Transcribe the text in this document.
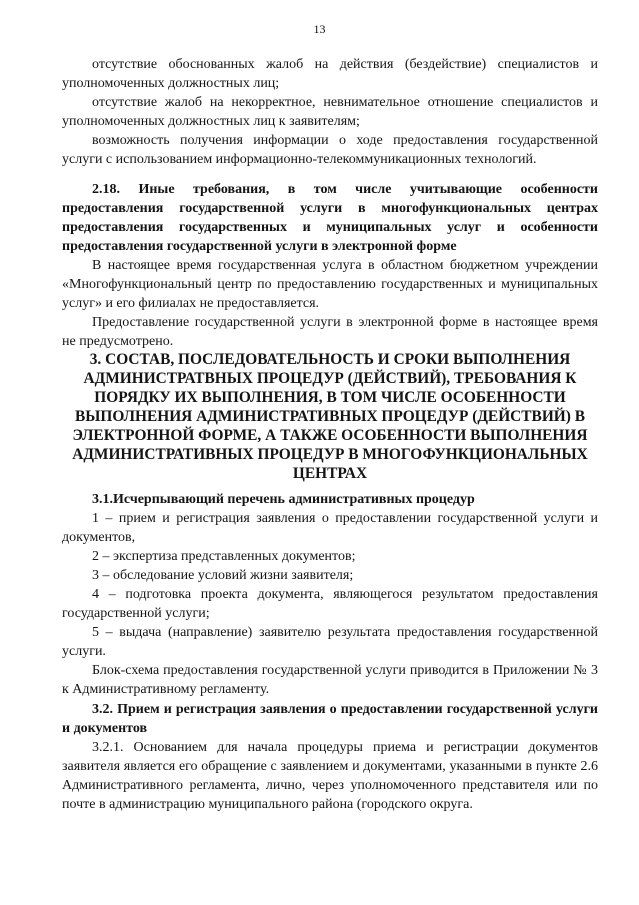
13

отсутствие обоснованных жалоб на действия (бездействие) специалистов и уполномоченных должностных лиц;

отсутствие жалоб на некорректное, невнимательное отношение специалистов и уполномоченных должностных лиц к заявителям;

возможность получения информации о ходе предоставления государственной услуги с использованием информационно-телекоммуникационных технологий.

2.18. Иные требования, в том числе учитывающие особенности предоставления государственной услуги в многофункциональных центрах предоставления государственных и муниципальных услуг и особенности предоставления государственной услуги в электронной форме

В настоящее время государственная услуга в областном бюджетном учреждении «Многофункциональный центр по предоставлению государственных и муниципальных услуг» и его филиалах не предоставляется.

Предоставление государственной услуги в электронной форме в настоящее время не предусмотрено.

3. СОСТАВ, ПОСЛЕДОВАТЕЛЬНОСТЬ И СРОКИ ВЫПОЛНЕНИЯ
АДМИНИСТРАТВНЫХ ПРОЦЕДУР (ДЕЙСТВИЙ), ТРЕБОВАНИЯ К
ПОРЯДКУ ИХ ВЫПОЛНЕНИЯ, В ТОМ ЧИСЛЕ ОСОБЕННОСТИ
ВЫПОЛНЕНИЯ АДМИНИСТРАТИВНЫХ ПРОЦЕДУР (ДЕЙСТВИЙ) В
ЭЛЕКТРОННОЙ ФОРМЕ, А ТАКЖЕ ОСОБЕННОСТИ ВЫПОЛНЕНИЯ
АДМИНИСТРАТИВНЫХ ПРОЦЕДУР В МНОГОФУНКЦИОНАЛЬНЫХ
ЦЕНТРАХ

3.1.Исчерпывающий перечень административных процедур

1 – прием и регистрация заявления о предоставлении государственной услуги и документов,

2 – экспертиза представленных документов;

3 – обследование условий жизни заявителя;

4 – подготовка проекта документа, являющегося результатом предоставления государственной услуги;

5 – выдача (направление) заявителю результата предоставления государственной услуги.

Блок-схема предоставления государственной услуги приводится в Приложении № 3 к Административному регламенту.

3.2. Прием и регистрация заявления о предоставлении государственной услуги и документов

3.2.1. Основанием для начала процедуры приема и регистрации документов заявителя является его обращение с заявлением и документами, указанными в пункте 2.6 Административного регламента, лично, через уполномоченного представителя или по почте в администрацию муниципального района (городского округа.
